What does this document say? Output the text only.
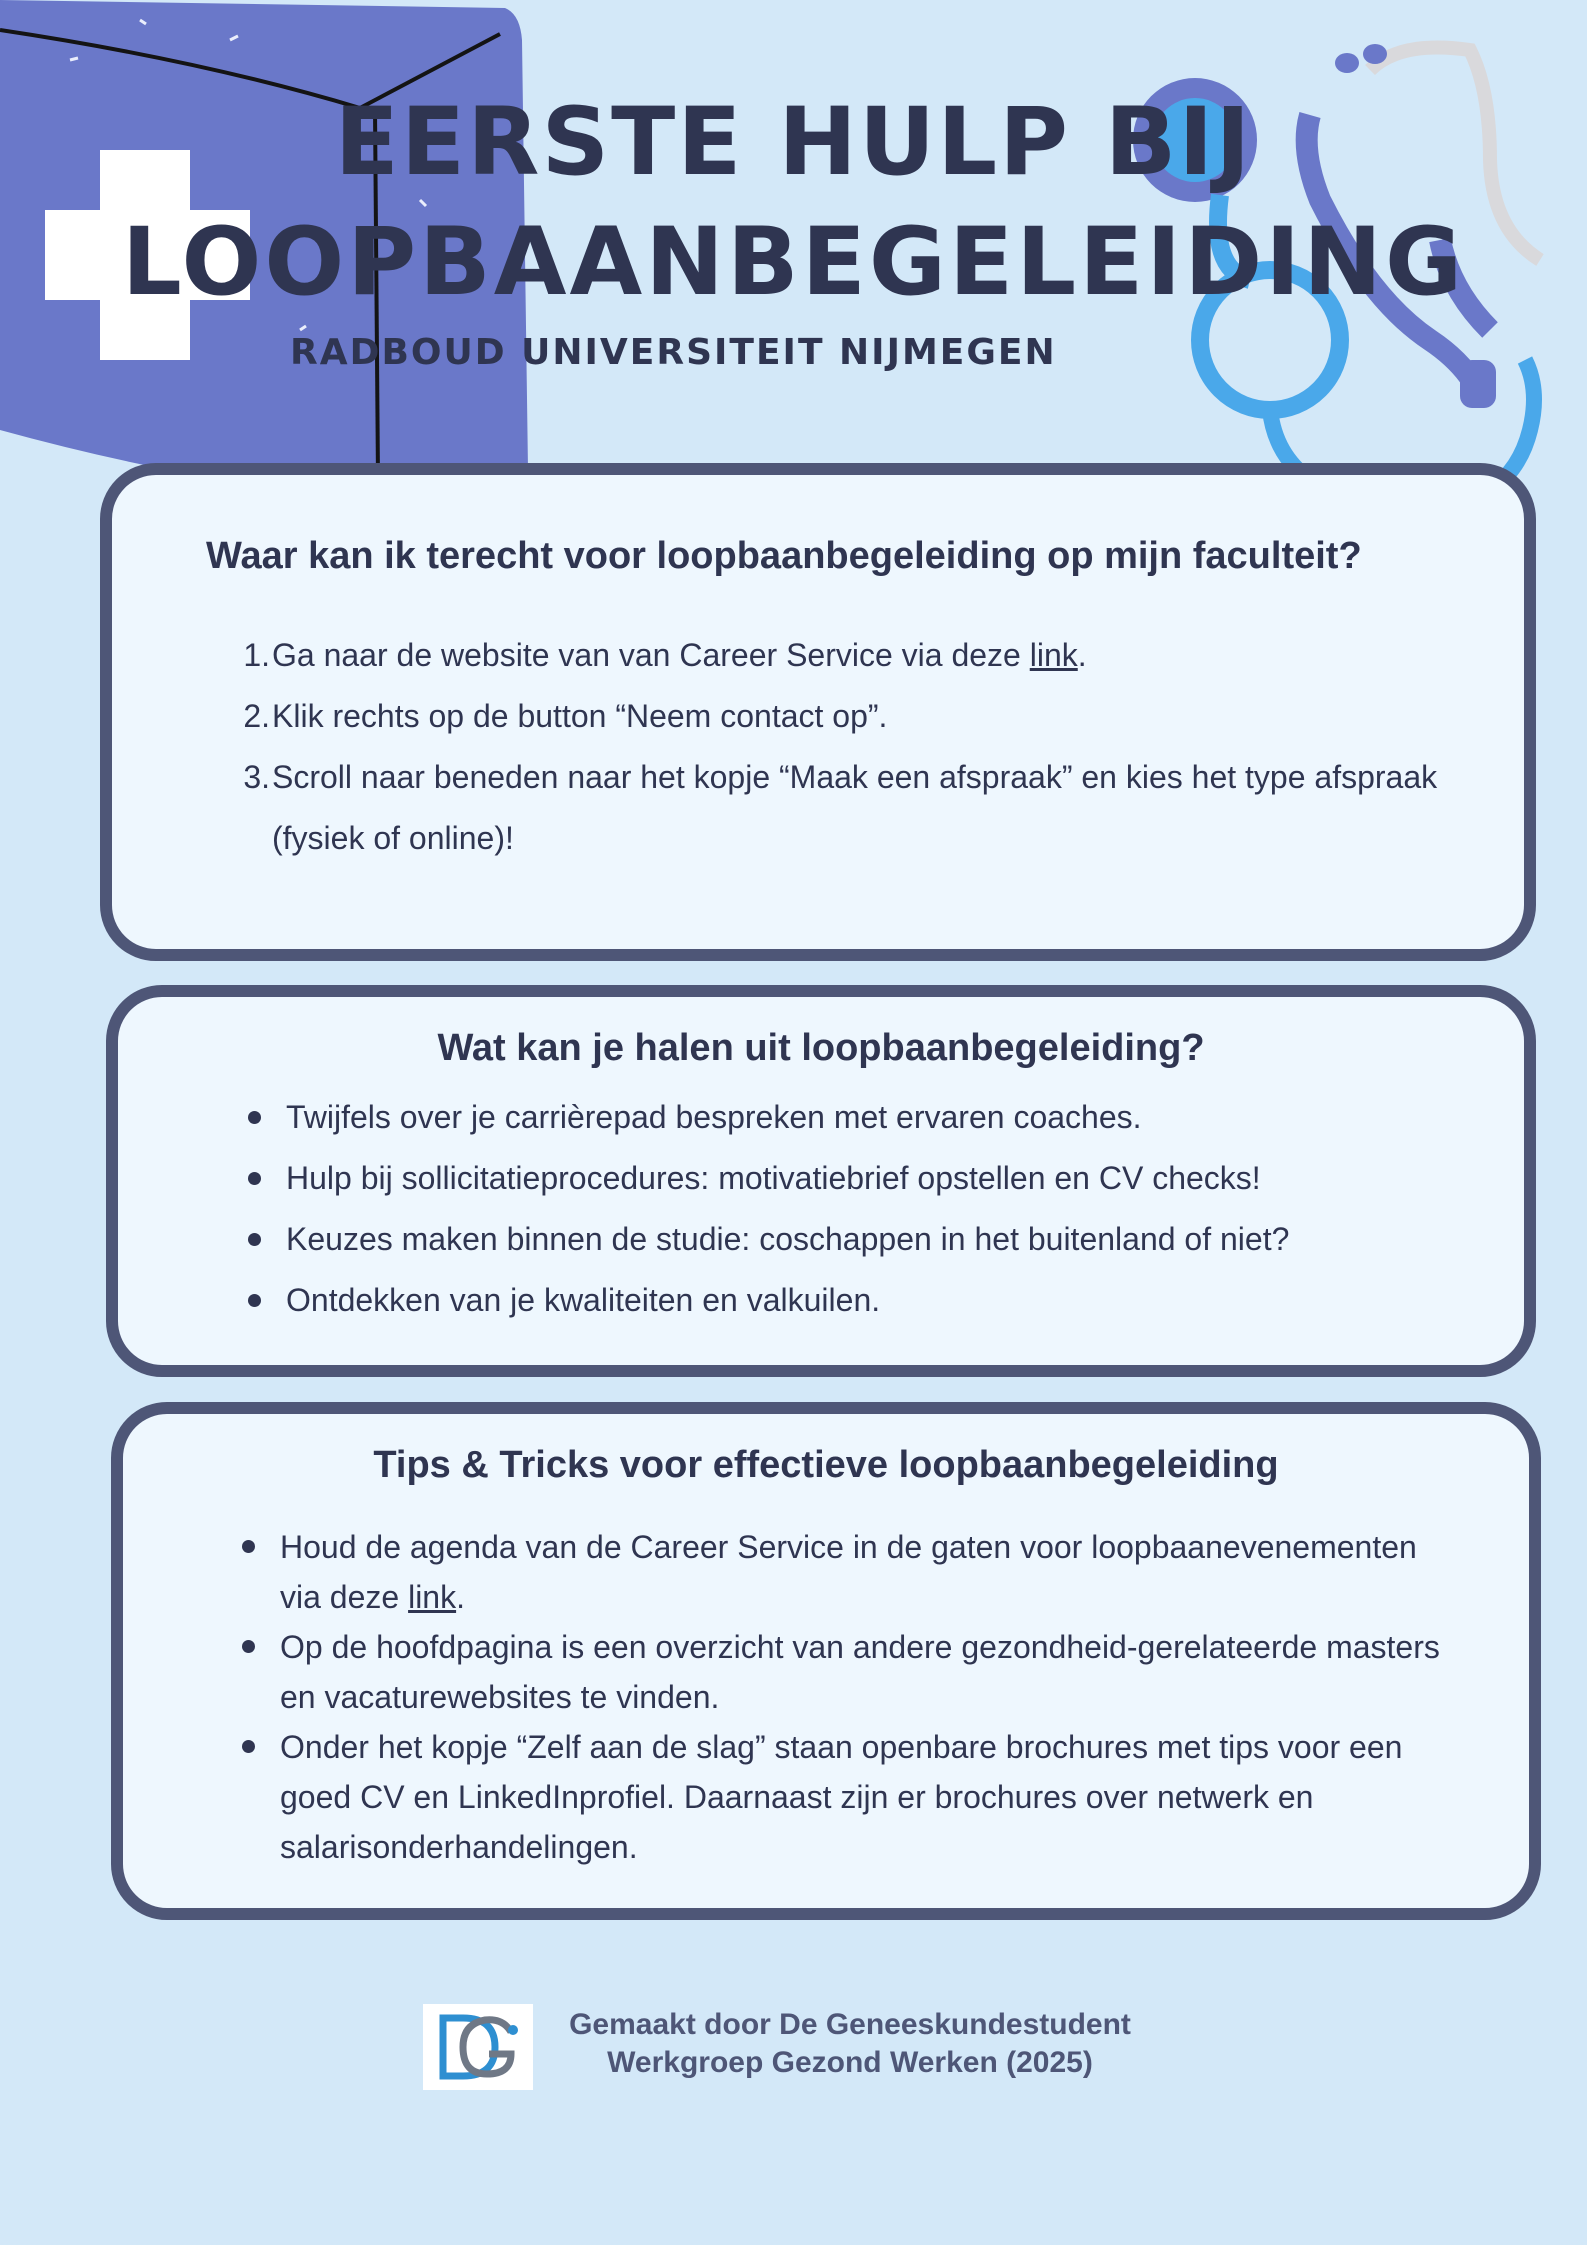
EERSTE HULP BIJ
LOOPBAANBEGELEIDING
RADBOUD UNIVERSITEIT NIJMEGEN
Waar kan ik terecht voor loopbaanbegeleiding op mijn faculteit?
1. Ga naar de website van van Career Service via deze link.
2. Klik rechts op de button “Neem contact op”.
3. Scroll naar beneden naar het kopje “Maak een afspraak” en kies het type afspraak (fysiek of online)!
Wat kan je halen uit loopbaanbegeleiding?
Twijfels over je carrièrepad bespreken met ervaren coaches.
Hulp bij sollicitatieprocedures: motivatiebrief opstellen en CV checks!
Keuzes maken binnen de studie: coschappen in het buitenland of niet?
Ontdekken van je kwaliteiten en valkuilen.
Tips & Tricks voor effectieve loopbaanbegeleiding
Houd de agenda van de Career Service in de gaten voor loopbaanevenementen via deze link.
Op de hoofdpagina is een overzicht van andere gezondheid-gerelateerde masters en vacaturewebsites te vinden.
Onder het kopje “Zelf aan de slag” staan openbare brochures met tips voor een goed CV en LinkedInprofiel. Daarnaast zijn er brochures over netwerk en salarisonderhandelingen.
DG
Gemaakt door De Geneeskundestudent
Werkgroep Gezond Werken (2025)
